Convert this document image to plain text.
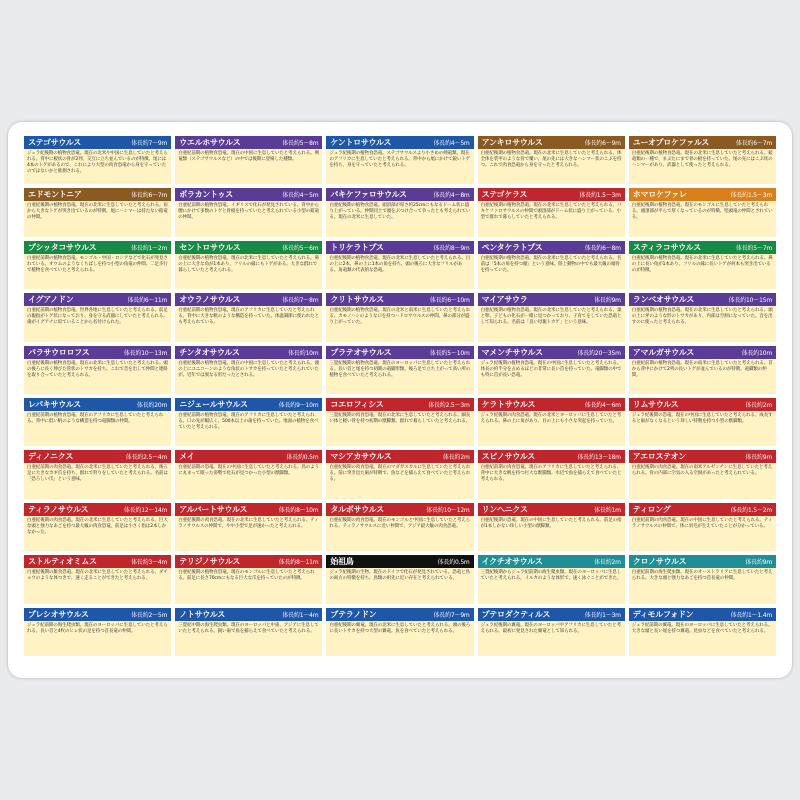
ステゴサウルス	体長約7〜9m
ジュラ紀後期の植物食恐竜。現在の北米や中国に生息していたと考えられる。背中に板状の骨が2列、交互に立ち並んでいるのが特徴。尾には4本のトゲがあるので、これにより大型の肉食恐竜から身を守っていたのではないかと推測される。
ウエルホサウルス	体長約5〜8m
白亜紀前期の植物食恐竜。現在の中国に生息していたと考えられる。剣竜類（ステゴサウルスなど）の中では後期に登場した種類。
ケントロサウルス	体長約4〜5m
ジュラ紀後期の植物食恐竜。ステゴサウルスより小さめの剣竜類。現在のアフリカに生息していたと考えられる。背中から尾にかけて鋭いトゲを持ち、身を守っていたと考えられる。
アンキロサウルス	体長約6〜9m
白亜紀後期の植物食恐竜。現在の北米に生息していたと考えられる。体全体を装甲のような骨で覆い、尾の先には大きなハンマー状のこぶを持つ。これで肉食恐竜から身を守ったと考えられる。
ユーオプロケファルス	体長約6〜7m
白亜紀後期の植物食恐竜。現在の北米に生息していたと考えられる。鎧竜類の一種で、まぶたにまで骨の板を持っていた。尾の先にはこぶ状のハンマーがあり、武器として使ったと考えられる。
エドモントニア	体長約6〜7m
白亜紀後期の植物食恐竜。現在の北米に生息していたと考えられる。肩から大きなトゲが突き出ているのが特徴。尾にハンマーは持たない鎧竜の仲間。
ポラカントゥス	体長約4〜5m
白亜紀前期の植物食恐竜。イギリスで化石が発見されている。背中から腰にかけて多数のトゲと骨板を持っていたと考えられている小型の鎧竜の仲間。
パキケファロサウルス	体長約4〜8m
白亜紀後期の植物食恐竜。頭頂部が厚さ約25cmにもなるドーム状に盛り上がっている。仲間同士で頭をぶつけ合って争ったとも考えられている。現在の北米に生息していた。
ステゴケラス	体長約1.5〜3m
白亜紀後期の植物食恐竜。現在の北米に生息していたと考えられる。パキケファロサウルスの仲間で頭頂部がドーム状に盛り上がっている。小型で群れで暮らしていたと考えられる。
ホマロケファレ	体長約1.5〜3m
白亜紀後期の植物食恐竜。現在のモンゴルに生息していたと考えられる。頭頂部が平らで厚くなっているのが特徴。堅頭竜の仲間とされている。
プシッタコサウルス	体長約1〜2m
白亜紀前期の植物食恐竜。モンゴル・中国・ロシアなどで化石が発見されている。オウムのようなくちばしを持つ小型の角竜の仲間。二足歩行で植物を食べていたと考えられる。
セントロサウルス	体長約5〜6m
白亜紀後期の植物食恐竜。現在の北米に生息していたと考えられる。鼻の上に大きな角が1本あり、フリルの縁にもトゲがある。大きな群れで暮らしていたと考えられる。
トリケラトプス	体長約8〜9m
白亜紀後期の植物食恐竜。現在の北米に生息していたと考えられる。目の上に2本、鼻の上に1本の角を持ち、頭の後ろに大きなフリルがある。角竜類の代表的な恐竜。
ペンタケラトプス	体長約6〜8m
白亜紀後期の植物食恐竜。現在の北米に生息していたと考えられる。名前は「5本の角を持つ顔」という意味。陸上動物の中でも最大級の頭骨を持っていた。
スティラコサウルス	体長約5〜7m
白亜紀後期の植物食恐竜。現在の北米に生息していたと考えられる。鼻の上に長い角が1本あり、フリルの縁に長いトゲが何本も突き出ているのが特徴。
イグアノドン	体長約6〜11m
白亜紀前期の植物食恐竜。世界各地に生息していたと考えられる。前足の親指がトゲ状になっており、身を守る武器にしていたと考えられる。歯がイグアナに似ていることから名付けられた。
オウラノサウルス	体長約7〜8m
白亜紀前期の植物食恐竜。現在のアフリカに生息していたと考えられる。背中に大きな帆のような構造を持っていた。体温調節に使われたとも考えられている。
クリトサウルス	体長約6〜10m
白亜紀後期の植物食恐竜。現在の北米と南米に生息していたと考えられる。カモノハシのような口を持つハドロサウルスの仲間。鼻の部分が盛り上がっていた。
マイアサウラ	体長約9m
白亜紀後期の植物食恐竜。現在の北米に生息していたと考えられる。巣と卵、子どもの化石が一緒に見つかっており、子育てをしていた恐竜として知られる。名前は「良い母親トカゲ」という意味。
ランベオサウルス	体長約10〜15m
白亜紀後期の植物食恐竜。現在の北米に生息していたと考えられる。頭の上に斧のような形のトサカがあり、内部は空洞になっていた。音を出すのに使ったと考えられる。
パラサウロロフス	体長約10〜13m
白亜紀後期の植物食恐竜。現在の北米に生息していたと考えられる。頭の後ろに長く伸びた管状のトサカを持ち、これで音を出して仲間と連絡を取り合っていたと考えられる。
チンタオサウルス	体長約10m
白亜紀後期の植物食恐竜。現在の中国に生息していたと考えられる。頭の上にユニコーンのような角状のトサカを持っていたと考えられていたが、近年では異なる形だったとされる。
プラテオサウルス	体長約5〜10m
三畳紀後期の植物食恐竜。現在のヨーロッパに生息していたと考えられる。長い首と尾を持つ初期の竜脚形類。後ろ足で立ち上がって高い所の植物を食べていたと考えられる。
マメンチサウルス	体長約20〜35m
ジュラ紀後期の植物食恐竜。現在の中国に生息していたと考えられる。体長の約半分を占めるほどの非常に長い首を持っていた。竜脚類の中でも特に首が長い恐竜。
アマルガサウルス	体長約10m
白亜紀前期の植物食恐竜。現在の南米に生息していたと考えられる。首から背中にかけて2列の長いトゲが並んでいるのが特徴。竜脚類の仲間。
レパキサウルス	体長約20m
白亜紀前期の植物食恐竜。現在のアフリカに生息していたと考えられる。背中に低い帆のような構造を持つ竜脚類の仲間。
ニジェールサウルス	体長約9〜10m
白亜紀前期の植物食恐竜。現在のアフリカに生息していたと考えられる。口の先が幅広く、500本以上の歯を持っていた。地面の植物を食べていたと考えられる。
コエロフィシス	体長約2.5〜3m
三畳紀後期の肉食恐竜。現在の北米に生息していたと考えられる。細長い体と軽い骨を持つ初期の獣脚類。群れで暮らしていたと考えられる。
ケラトサウルス	体長約4〜6m
ジュラ紀後期の肉食恐竜。現在の北米とヨーロッパに生息していたと考えられる。鼻の上に角があり、目の上にも小さな突起を持っていた。
リムサウルス	体長約2m
ジュラ紀後期の恐竜。現在の中国に生息していたと考えられる。成長すると歯がなくなるという珍しい特徴を持つ小型の獣脚類。
ディノニクス	体長約2.5〜4m
白亜紀前期の肉食恐竜。現在の北米に生息していたと考えられる。後ろ足に大きなカギ爪を持ち、群れで狩りをしていたと考えられる。名前は「恐ろしい爪」という意味。
メイ	体長約0.5m
白亜紀前期の恐竜。現在の中国に生息していたと考えられる。鳥のように丸まって眠った姿勢で化石が見つかった小型の獣脚類。
マシアカサウルス	体長約2m
白亜紀後期の肉食恐竜。現在のマダガスカルに生息していたと考えられる。前に突き出た歯が特徴で、魚などを捕らえて食べていたと考えられる。
スピノサウルス	体長約13〜18m
白亜紀前期の肉食恐竜。現在のアフリカに生息していたと考えられる。背中に大きな帆を持つ巨大な獣脚類。水辺で魚を捕らえて食べていたと考えられる。
アエロステオン	体長約9m
白亜紀後期の肉食恐竜。現在の南米アルゼンチンに生息していたと考えられる。骨の内部に空気の入る空洞があったと考えられている。
ティラノサウルス	体長約12〜14m
白亜紀後期の肉食恐竜。現在の北米に生息していたと考えられる。巨大な頭と強力なあごを持つ最大級の肉食恐竜。前足は小さく指は2本しかなかった。
アルバートサウルス	体長約8〜10m
白亜紀後期の肉食恐竜。現在の北米に生息していたと考えられる。ティラノサウルスの仲間で、やや小型で足が速かったと考えられる。
タルボサウルス	体長約10〜12m
白亜紀後期の肉食恐竜。現在のモンゴルと中国に生息していたと考えられる。ティラノサウルスに近い仲間で、アジア最大級の肉食恐竜。
リンへニクス	体長約1m
白亜紀後期の恐竜。現在の中国に生息していたと考えられる。前足の指が1本しかない珍しい小型の獣脚類。
ティロング	体長約1.5〜2m
白亜紀前期の肉食恐竜。現在の中国に生息していたと考えられる。ティラノサウルスの仲間で、体に羽毛が生えていたことが分かっている。
ストルティオミムス	体長約3〜4m
白亜紀後期の雑食恐竜。現在の北米に生息していたと考えられる。ダチョウのような体つきで、速く走ることができたと考えられる。
テリジノサウルス	体長約8〜11m
白亜紀後期の植物食恐竜。現在のモンゴルに生息していたと考えられる。前足に長さ70cmにもなる巨大な爪を持っていたのが特徴。
始祖鳥	体長約0.5m
ジュラ紀後期の生物。現在のドイツで化石が発見されている。恐竜と鳥の両方の特徴を持ち、鳥類の祖先に近い存在と考えられている。
イクチオサウルス	体長約2m
三畳紀後期からジュラ紀前期の海生爬虫類。現在のヨーロッパに生息していたと考えられる。イルカのような体形で、速く泳ぐことができた。
クロノサウルス	体長約9m
白亜紀前期の海生爬虫類。現在のオーストラリアに生息していたと考えられる。大きな頭と強力なあごを持つ首長竜の仲間。
プレシオサウルス	体長約2〜5m
ジュラ紀前期の海生爬虫類。現在のヨーロッパに生息していたと考えられる。長い首と4枚のヒレ状の足を持つ首長竜の仲間。
ノトサウルス	体長約1〜4m
三畳紀中期の海生爬虫類。現在のヨーロッパと中東、アジアに生息していたと考えられる。鋭い歯で魚を捕らえて食べていたと考えられる。
プテラノドン	体長約7〜9m
白亜紀後期の翼竜。現在の北米に生息していたと考えられる。頭の後ろに長いトサカを持つ大型の翼竜。魚を食べていたと考えられる。
プテロダクティルス	体長約1〜3m
ジュラ紀後期の翼竜。現在のヨーロッパやアフリカに生息していたと考えられる。最初に発見された翼竜として知られる。
ディモルフォドン	体長約1〜1.4m
ジュラ紀前期の翼竜。現在のヨーロッパに生息していたと考えられる。大きな頭と長い尾を持つ翼竜。昆虫などを食べていたと考えられる。
